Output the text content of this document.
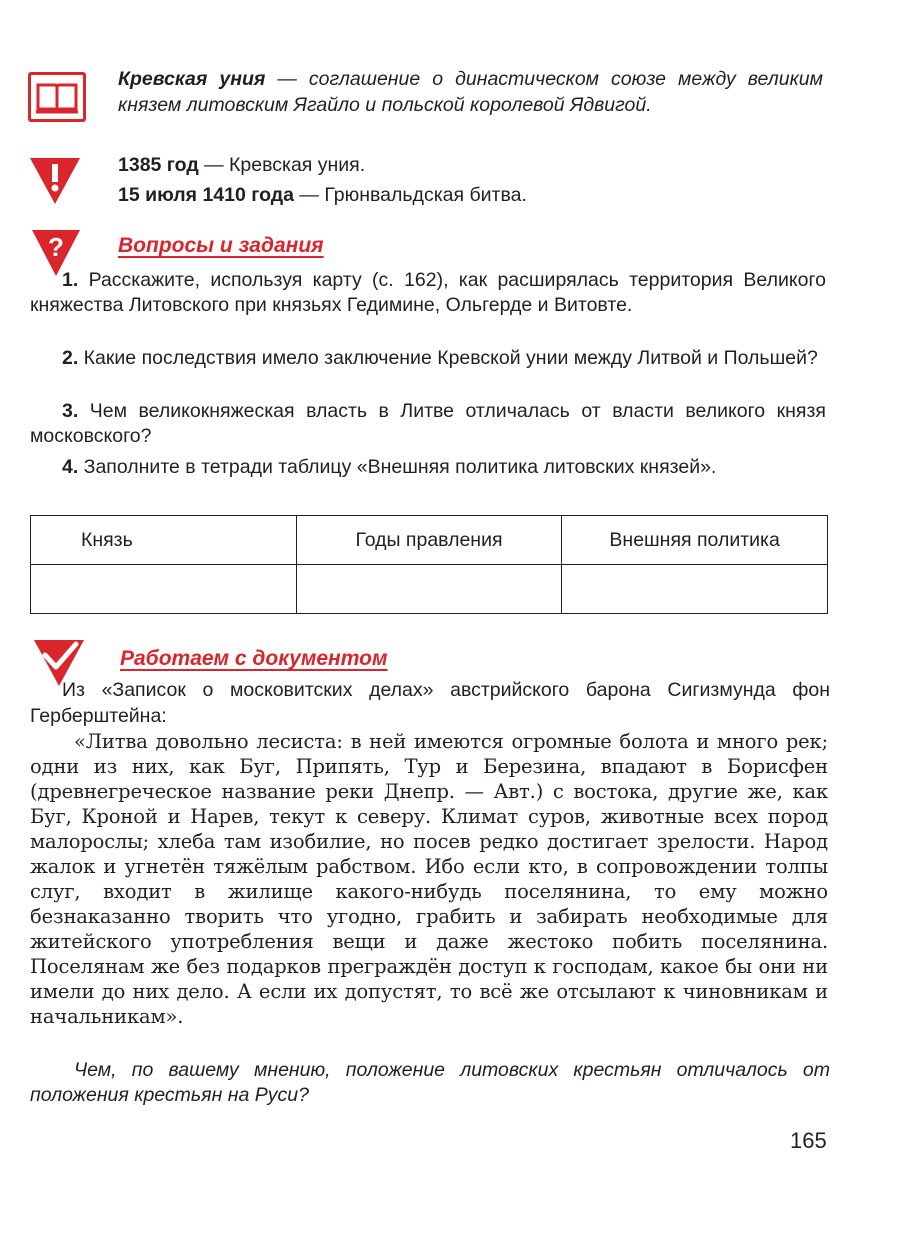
Кревская уния — соглашение о династическом союзе между великим князем литовским Ягайло и польской королевой Ядвигой.

1385 год — Кревская уния.
15 июля 1410 года — Грюнвальдская битва.
?	Вопросы и задания

1. Расскажите, используя карту (с. 162), как расширялась территория Великого княжества Литовского при князьях Гедимине, Ольгерде и Витовте.

2. Какие последствия имело заключение Кревской унии между Литвой и Польшей?

3. Чем великокняжеская власть в Литве отличалась от власти великого князя московского?

4. Заполните в тетради таблицу «Внешняя политика литовских князей».

Князь	Годы правления	Внешняя политика

Работаем с документом

Из «Записок о московитских делах» австрийского барона Сигизмунда фон Герберштейна:

«Литва довольно лесиста: в ней имеются огромные болота и много рек; одни из них, как Буг, Припять, Тур и Березина, впадают в Борисфен (древнегреческое название реки Днепр. — Авт.) с востока, другие же, как Буг, Кроной и Нарев, текут к северу. Климат суров, животные всех пород малорослы; хлеба там изобилие, но посев редко достигает зрелости. Народ жалок и угнетён тяжёлым рабством. Ибо если кто, в сопровождении толпы слуг, входит в жилище какого-нибудь поселянина, то ему можно безнаказанно творить что угодно, грабить и забирать необходимые для житейского употребления вещи и даже жестоко побить поселянина. Поселянам же без подарков преграждён доступ к господам, какое бы они ни имели до них дело. А если их допустят, то всё же отсылают к чиновникам и начальникам».

Чем, по вашему мнению, положение литовских крестьян отличалось от положения крестьян на Руси?

165
